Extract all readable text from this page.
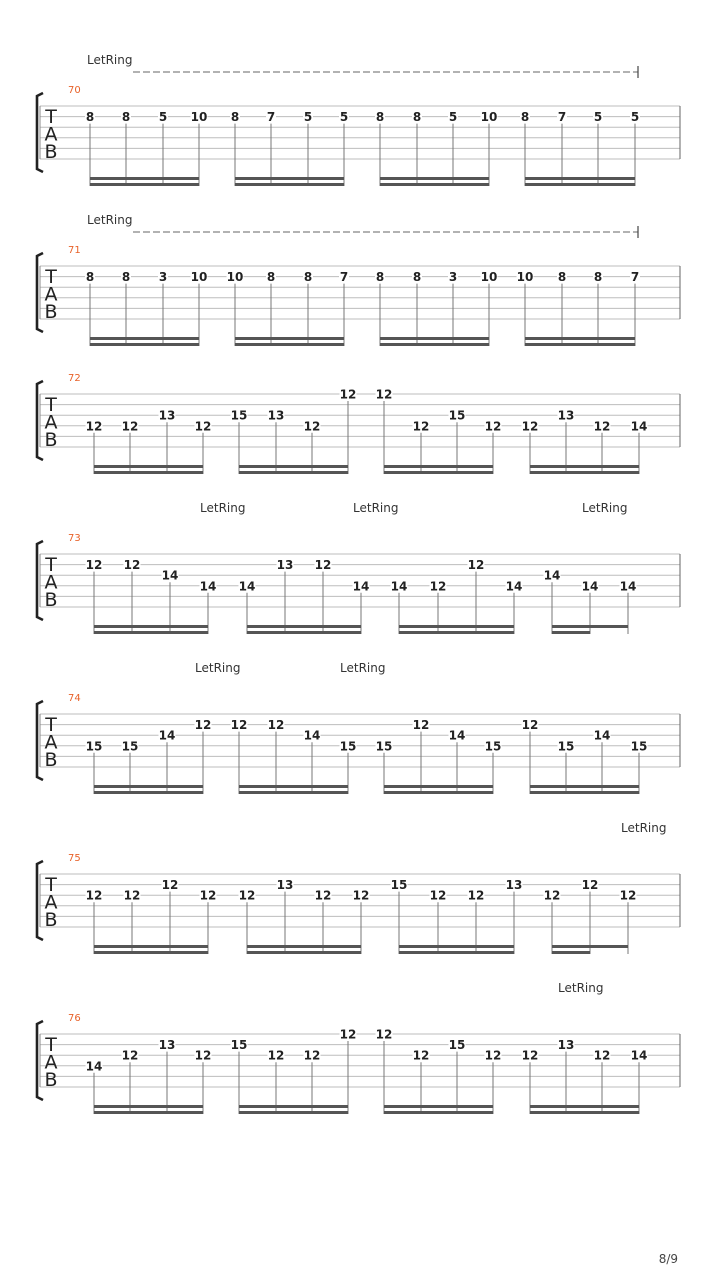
T
A
B
70
LetRing
8 8 5 10 8 7 5 5 8 8 5 10 8 7 5 5
T
A
B
71
LetRing
8 8 3 10 10 8 8 7 8 8 3 10 10 8 8 7
T
A
B
72
12 12
13
12
15 13
12
12 12
12
15
12 12
13
12 14
T
A
B
73
LetRing	LetRing	LetRing
12 12
14
14 14
13 12
14 14 12
12
14
14
14 14
T
A
B
74
LetRing	LetRing
15 15
14
12 12 12
14
15 15
12
14
15
12
15
14
15
T
A
B
75
LetRing
12 12
12
12 12
13
12 12
15
12 12
13
12
12
12
T
A
B
76
LetRing
14
12
13
12
15
12 12
12 12
12
15
12 12
13
12 14
8/9
